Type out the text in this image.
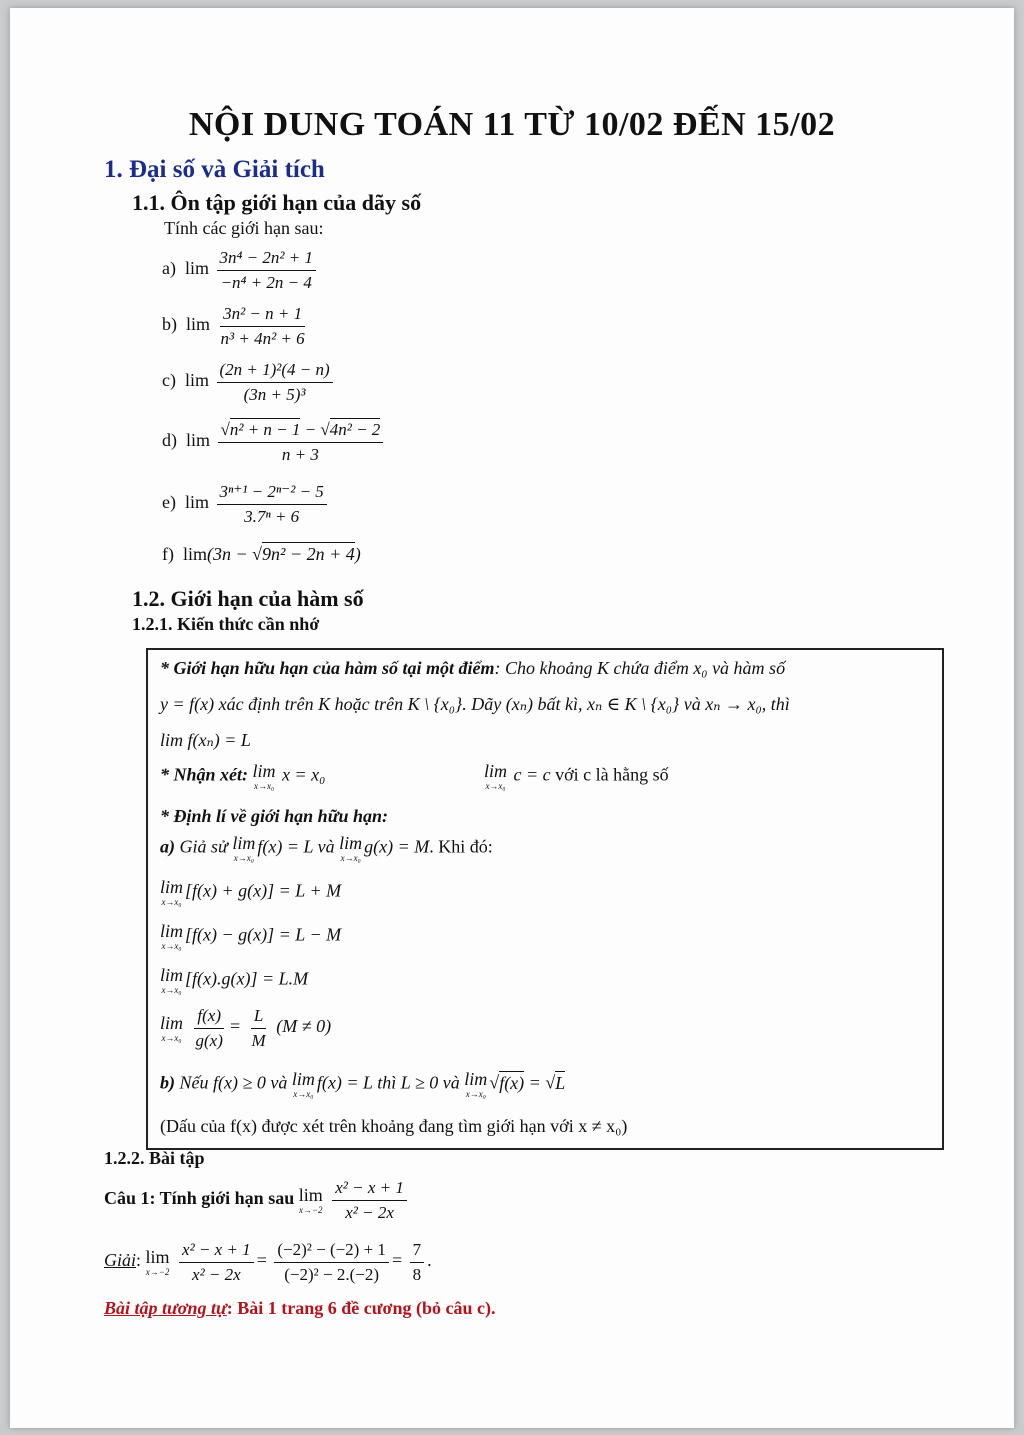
NỘI DUNG TOÁN 11 TỪ 10/02 ĐẾN 15/02
1. Đại số và Giải tích
1.1. Ôn tập giới hạn của dãy số
Tính các giới hạn sau:
a) $\lim \frac{\text{3n⁴ − 2n² + 1}}{\text{−n⁴ + 2n − 4}}$
b) $\lim \frac{\text{3n² − n + 1}}{\text{n³ + 4n² + 6}}$
c) $\lim \frac{\text{(2n + 1)²(4 − n)}}{\text{(3n + 5)³}}$
d) $\lim \frac{\text{√n² + n − 1 − √4n² − 2}}{n + 3}$
e) $\lim \frac{\text{3ⁿ⁺¹ − 2ⁿ⁻² − 5}}{\text{3.7ⁿ + 6}}$
f) lim(3n − √9n² − 2n + 4)
1.2. Giới hạn của hàm số
1.2.1. Kiến thức cần nhớ
* Giới hạn hữu hạn của hàm số tại một điểm: Cho khoảng K chứa điểm x₀ và hàm số
y = f(x) xác định trên K hoặc trên K \ {x₀}. Dãy (xₙ) bất kì, xₙ ∈ K \ {x₀} và xₙ → x₀, thì
lim f(xₙ) = L
* Nhận xét: lim
x→x₀
x = x₀	lim
x→x₀
c = c với c là hằng số
* Định lí về giới hạn hữu hạn:
a) Giả sử lim
x→x₀
f(x) = L và lim
x→x₀
g(x) = M. Khi đó:
lim
x→x₀
[f(x) + g(x)] = L + M
lim
x→x₀
[f(x) − g(x)] = L − M
lim
x→x₀
[f(x).g(x)] = L.M
lim
x→x₀
$\frac{f(x)}{g(x)} = \frac{L}{M} (M \ne 0)$
b) Nếu f(x) ≥ 0 và lim
x→x₀
f(x) = L thì L ≥ 0 và lim
x→x₀
√f(x) = √L
(Dấu của f(x) được xét trên khoảng đang tìm giới hạn với x ≠ x₀)
1.2.2. Bài tập
Câu 1: Tính giới hạn sau lim
x→−2
$\frac{\text{x² − x + 1}}{\text{x² − 2x}}$
Giải: lim
x→−2
$\frac{\text{x² − x + 1}}{\text{x² − 2x}} = \frac{\text{(−2)² − (−2) + 1}}{\text{(−2)² − 2.(−2)}} = \frac{7}{8}$ .
Bài tập tương tự: Bài 1 trang 6 đề cương (bỏ câu c).
